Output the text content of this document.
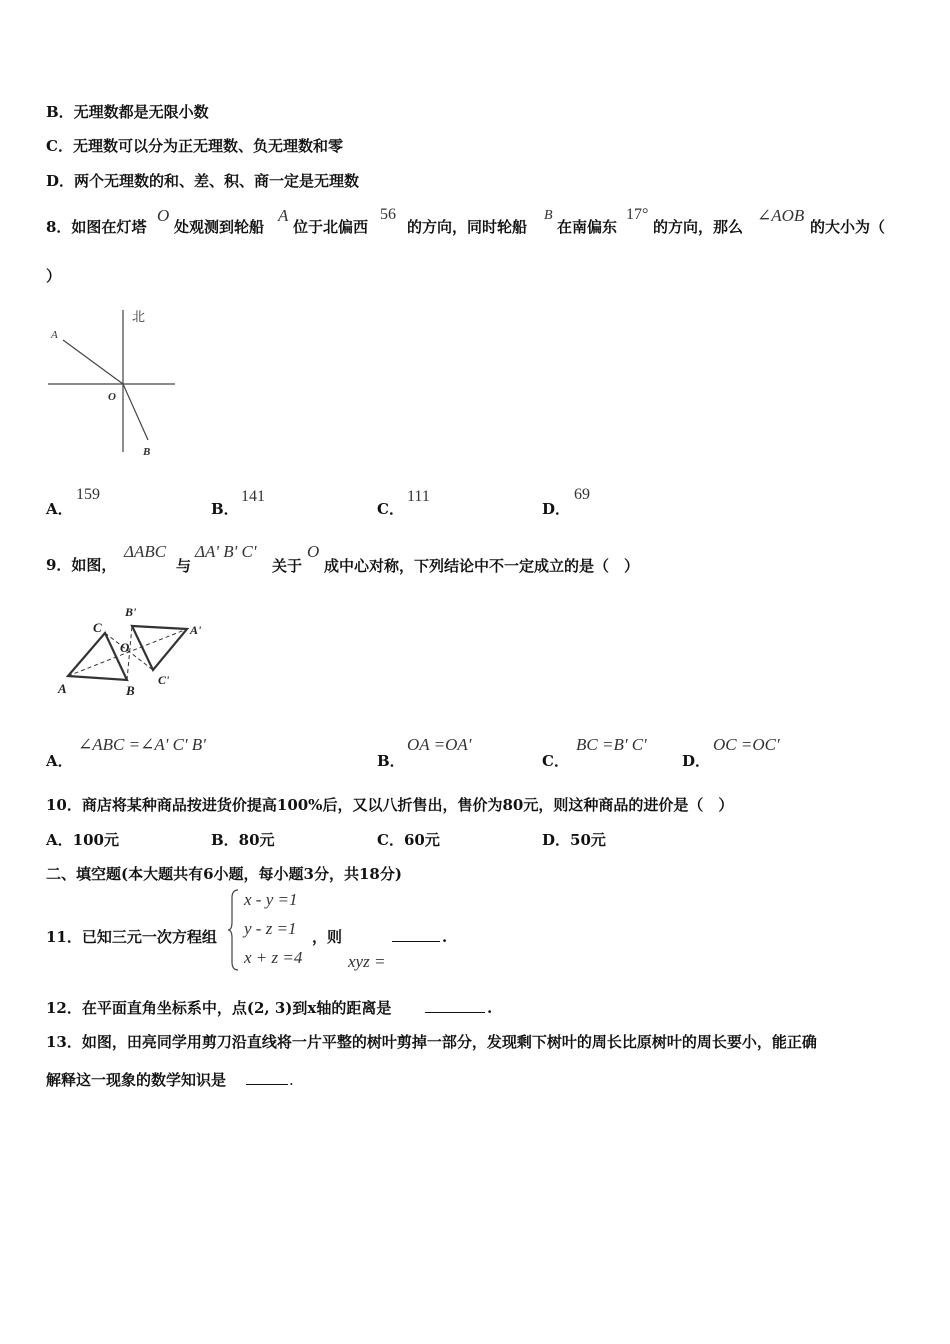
B．无理数都是无限小数
C．无理数可以分为正无理数、负无理数和零
D．两个无理数的和、差、积、商一定是无理数
8．如图在灯塔
O
处观测到轮船
A
位于北偏西
56
的方向，同时轮船
B
在南偏东
17°
的方向，那么
∠AOB
的大小为（
）
北
A
O
B
A．
159
B．
141
C．
111
D．
69
9．如图，
ΔABC
与
ΔA' B' C'
关于
O
成中心对称，下列结论中不一定成立的是（　）
A	B
C
O
A'
B'
C'
A．
∠ABC =∠A' C' B'
B．
OA =OA'
C．
BC =B' C'
D．
OC =OC'
10．商店将某种商品按进货价提高100%后，又以八折售出，售价为80元，则这种商品的进价是（　）
A．100元	B．80元	C．60元	D．50元
二、填空题(本大题共有6小题，每小题3分，共18分)
11．已知三元一次方程组
x - y =1
y - z =1
x + z =4
，则
xyz =
.
12．在平面直角坐标系中，点(2, 3)到x轴的距离是	.
13．如图，田亮同学用剪刀沿直线将一片平整的树叶剪掉一部分，发现剩下树叶的周长比原树叶的周长要小，能正确
解释这一现象的数学知识是	.
